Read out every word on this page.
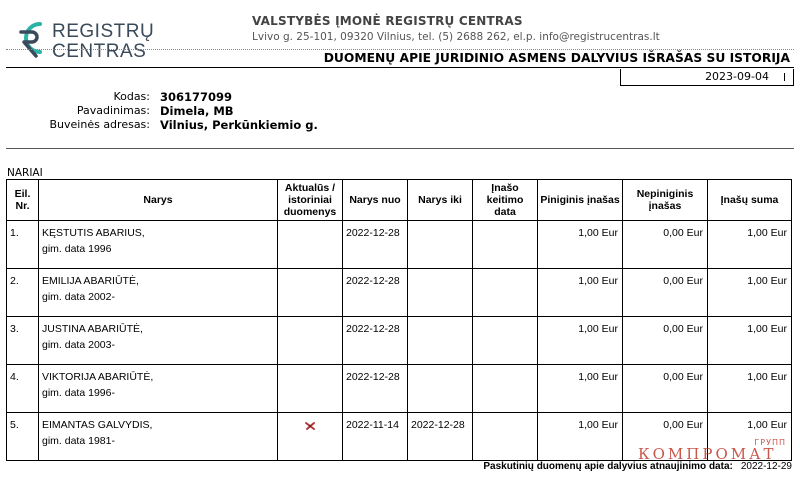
REGISTRŲ
CENTRAS
VALSTYBĖS ĮMONĖ REGISTRŲ CENTRAS
Lvivo g. 25-101, 09320 Vilnius, tel. (5) 2688 262, el.p. info@registrucentras.lt
DUOMENŲ APIE JURIDINIO ASMENS DALYVIUS IŠRAŠAS SU ISTORIJA
2023-09-04
Kodas: 306177099
Pavadinimas: Dimela, MB
Buveinės adresas: Vilnius, Perkūnkiemio g.
NARIAI
Eil.
Nr.	Narys	Aktualūs /
istoriniai
duomenys	Narys nuo	Narys iki	Įnašo
keitimo
data	Piniginis įnašas	Nepiniginis
įnašas	Įnašų suma

1.	KĘSTUTIS ABARIUS,
gim. data 1996		2022-12-28			1,00 Eur	0,00 Eur	1,00 Eur

2.	EMILIJA ABARIŪTĖ,
gim. data 2002-		2022-12-28			1,00 Eur	0,00 Eur	1,00 Eur

3.	JUSTINA ABARIŪTĖ,
gim. data 2003-		2022-12-28			1,00 Eur	0,00 Eur	1,00 Eur

4.	VIKTORIJA ABARIŪTĖ,
gim. data 1996-		2022-12-28			1,00 Eur	0,00 Eur	1,00 Eur

5.	EIMANTAS GALVYDIS,
gim. data 1981-		2022-11-14	2022-12-28		1,00 Eur	0,00 Eur	1,00 Eur
ГРУПП
КОМПРОМАТ
Paskutinių duomenų apie dalyvius atnaujinimo data: 2022-12-29
